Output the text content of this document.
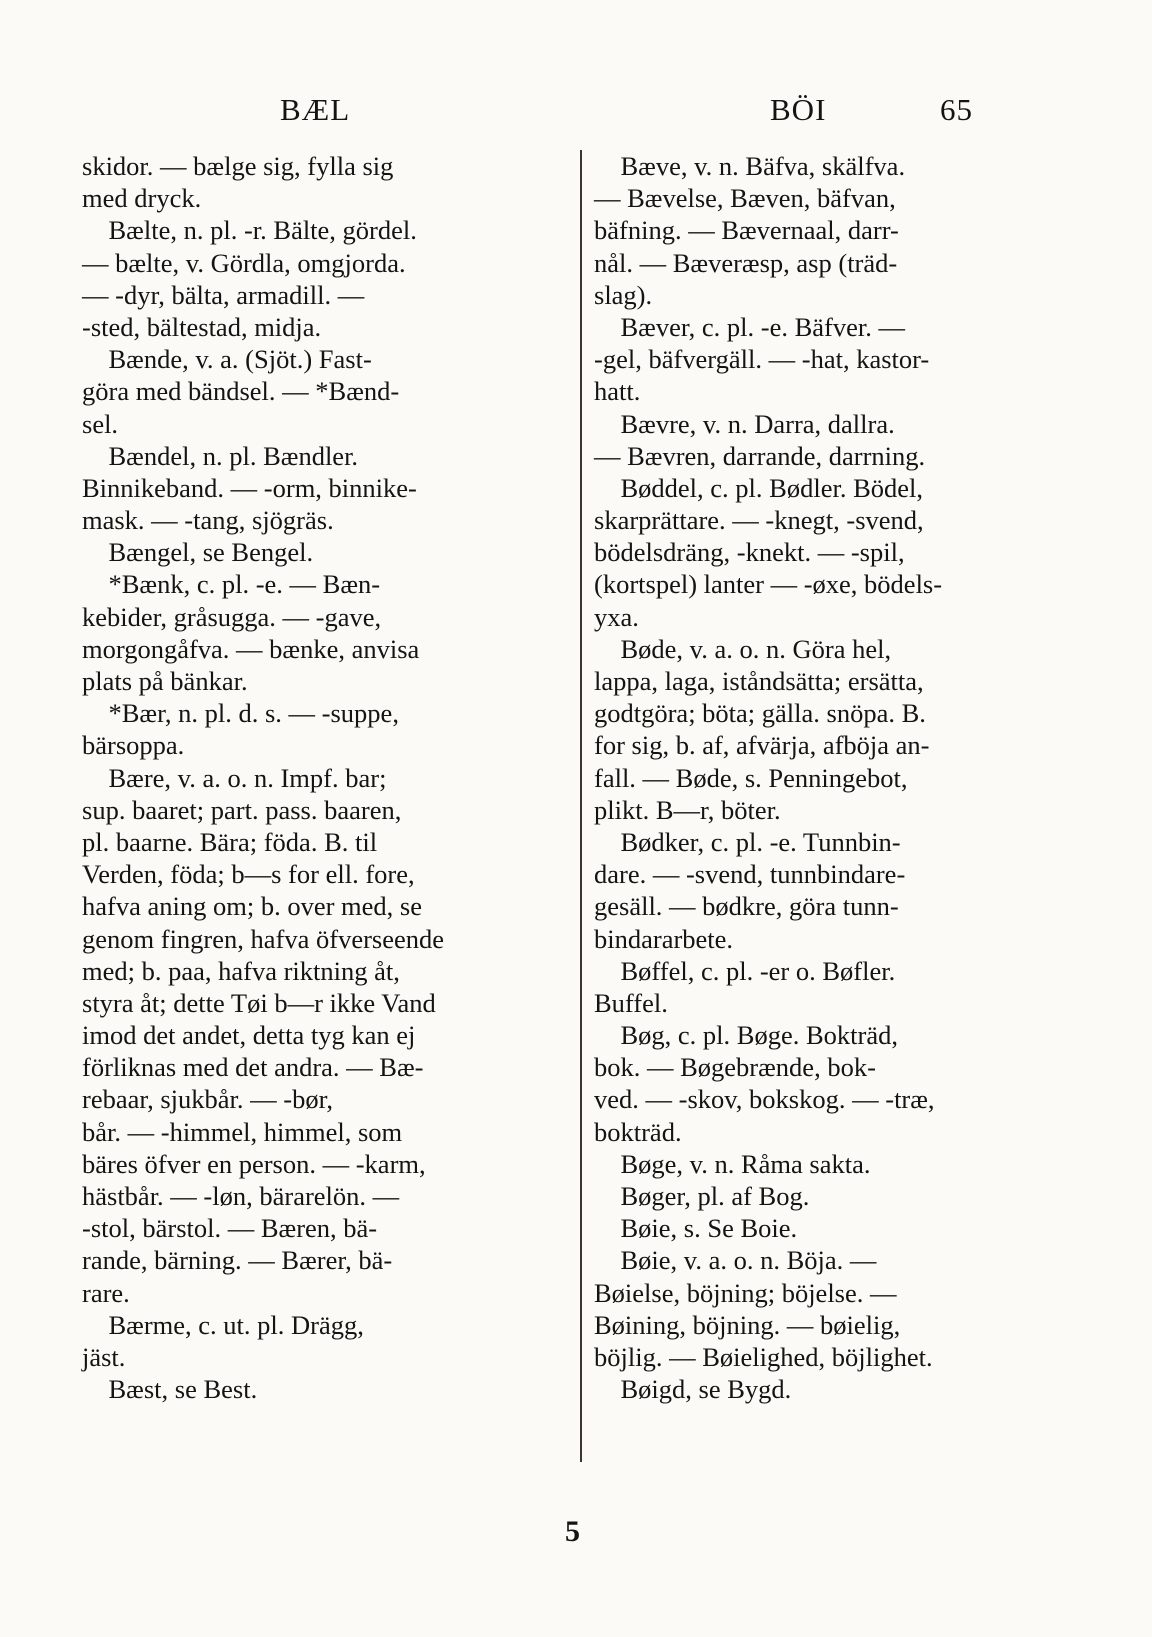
BÆL	BÖI	65
skidor. — bælge sig, fylla sig
med dryck.
Bælte, n. pl. -r. Bälte, gördel.
— bælte, v. Gördla, omgjorda.
— -dyr, bälta, armadill. —
-sted, bältestad, midja.
Bænde, v. a. (Sjöt.) Fast-
göra med bändsel. — *Bænd-
sel.
Bændel, n. pl. Bændler.
Binnikeband. — -orm, binnike-
mask. — -tang, sjögräs.
Bængel, se Bengel.
*Bænk, c. pl. -e. — Bæn-
kebider, gråsugga. — -gave,
morgongåfva. — bænke, anvisa
plats på bänkar.
*Bær, n. pl. d. s. — -suppe,
bärsoppa.
Bære, v. a. o. n. Impf. bar;
sup. baaret; part. pass. baaren,
pl. baarne. Bära; föda. B. til
Verden, föda; b—s for ell. fore,
hafva aning om; b. over med, se
genom fingren, hafva öfverseende
med; b. paa, hafva riktning åt,
styra åt; dette Tøi b—r ikke Vand
imod det andet, detta tyg kan ej
förliknas med det andra. — Bæ-
rebaar, sjukbår. — -bør,
bår. — -himmel, himmel, som
bäres öfver en person. — -karm,
hästbår. — -løn, bärarelön. —
-stol, bärstol. — Bæren, bä-
rande, bärning. — Bærer, bä-
rare.
Bærme, c. ut. pl. Drägg,
jäst.
Bæst, se Best.
Bæve, v. n. Bäfva, skälfva.
— Bævelse, Bæven, bäfvan,
bäfning. — Bævernaal, darr-
nål. — Bæveræsp, asp (träd-
slag).
Bæver, c. pl. -e. Bäfver. —
-gel, bäfvergäll. — -hat, kastor-
hatt.
Bævre, v. n. Darra, dallra.
— Bævren, darrande, darrning.
Bøddel, c. pl. Bødler. Bödel,
skarprättare. — -knegt, -svend,
bödelsdräng, -knekt. — -spil,
(kortspel) lanter — -øxe, bödels-
yxa.
Bøde, v. a. o. n. Göra hel,
lappa, laga, iståndsätta; ersätta,
godtgöra; böta; gälla. snöpa. B.
for sig, b. af, afvärja, afböja an-
fall. — Bøde, s. Penningebot,
plikt. B—r, böter.
Bødker, c. pl. -e. Tunnbin-
dare. — -svend, tunnbindare-
gesäll. — bødkre, göra tunn-
bindararbete.
Bøffel, c. pl. -er o. Bøfler.
Buffel.
Bøg, c. pl. Bøge. Bokträd,
bok. — Bøgebrænde, bok-
ved. — -skov, bokskog. — -træ,
bokträd.
Bøge, v. n. Råma sakta.
Bøger, pl. af Bog.
Bøie, s. Se Boie.
Bøie, v. a. o. n. Böja. —
Bøielse, böjning; böjelse. —
Bøining, böjning. — bøielig,
böjlig. — Bøielighed, böjlighet.
Bøigd, se Bygd.
5
